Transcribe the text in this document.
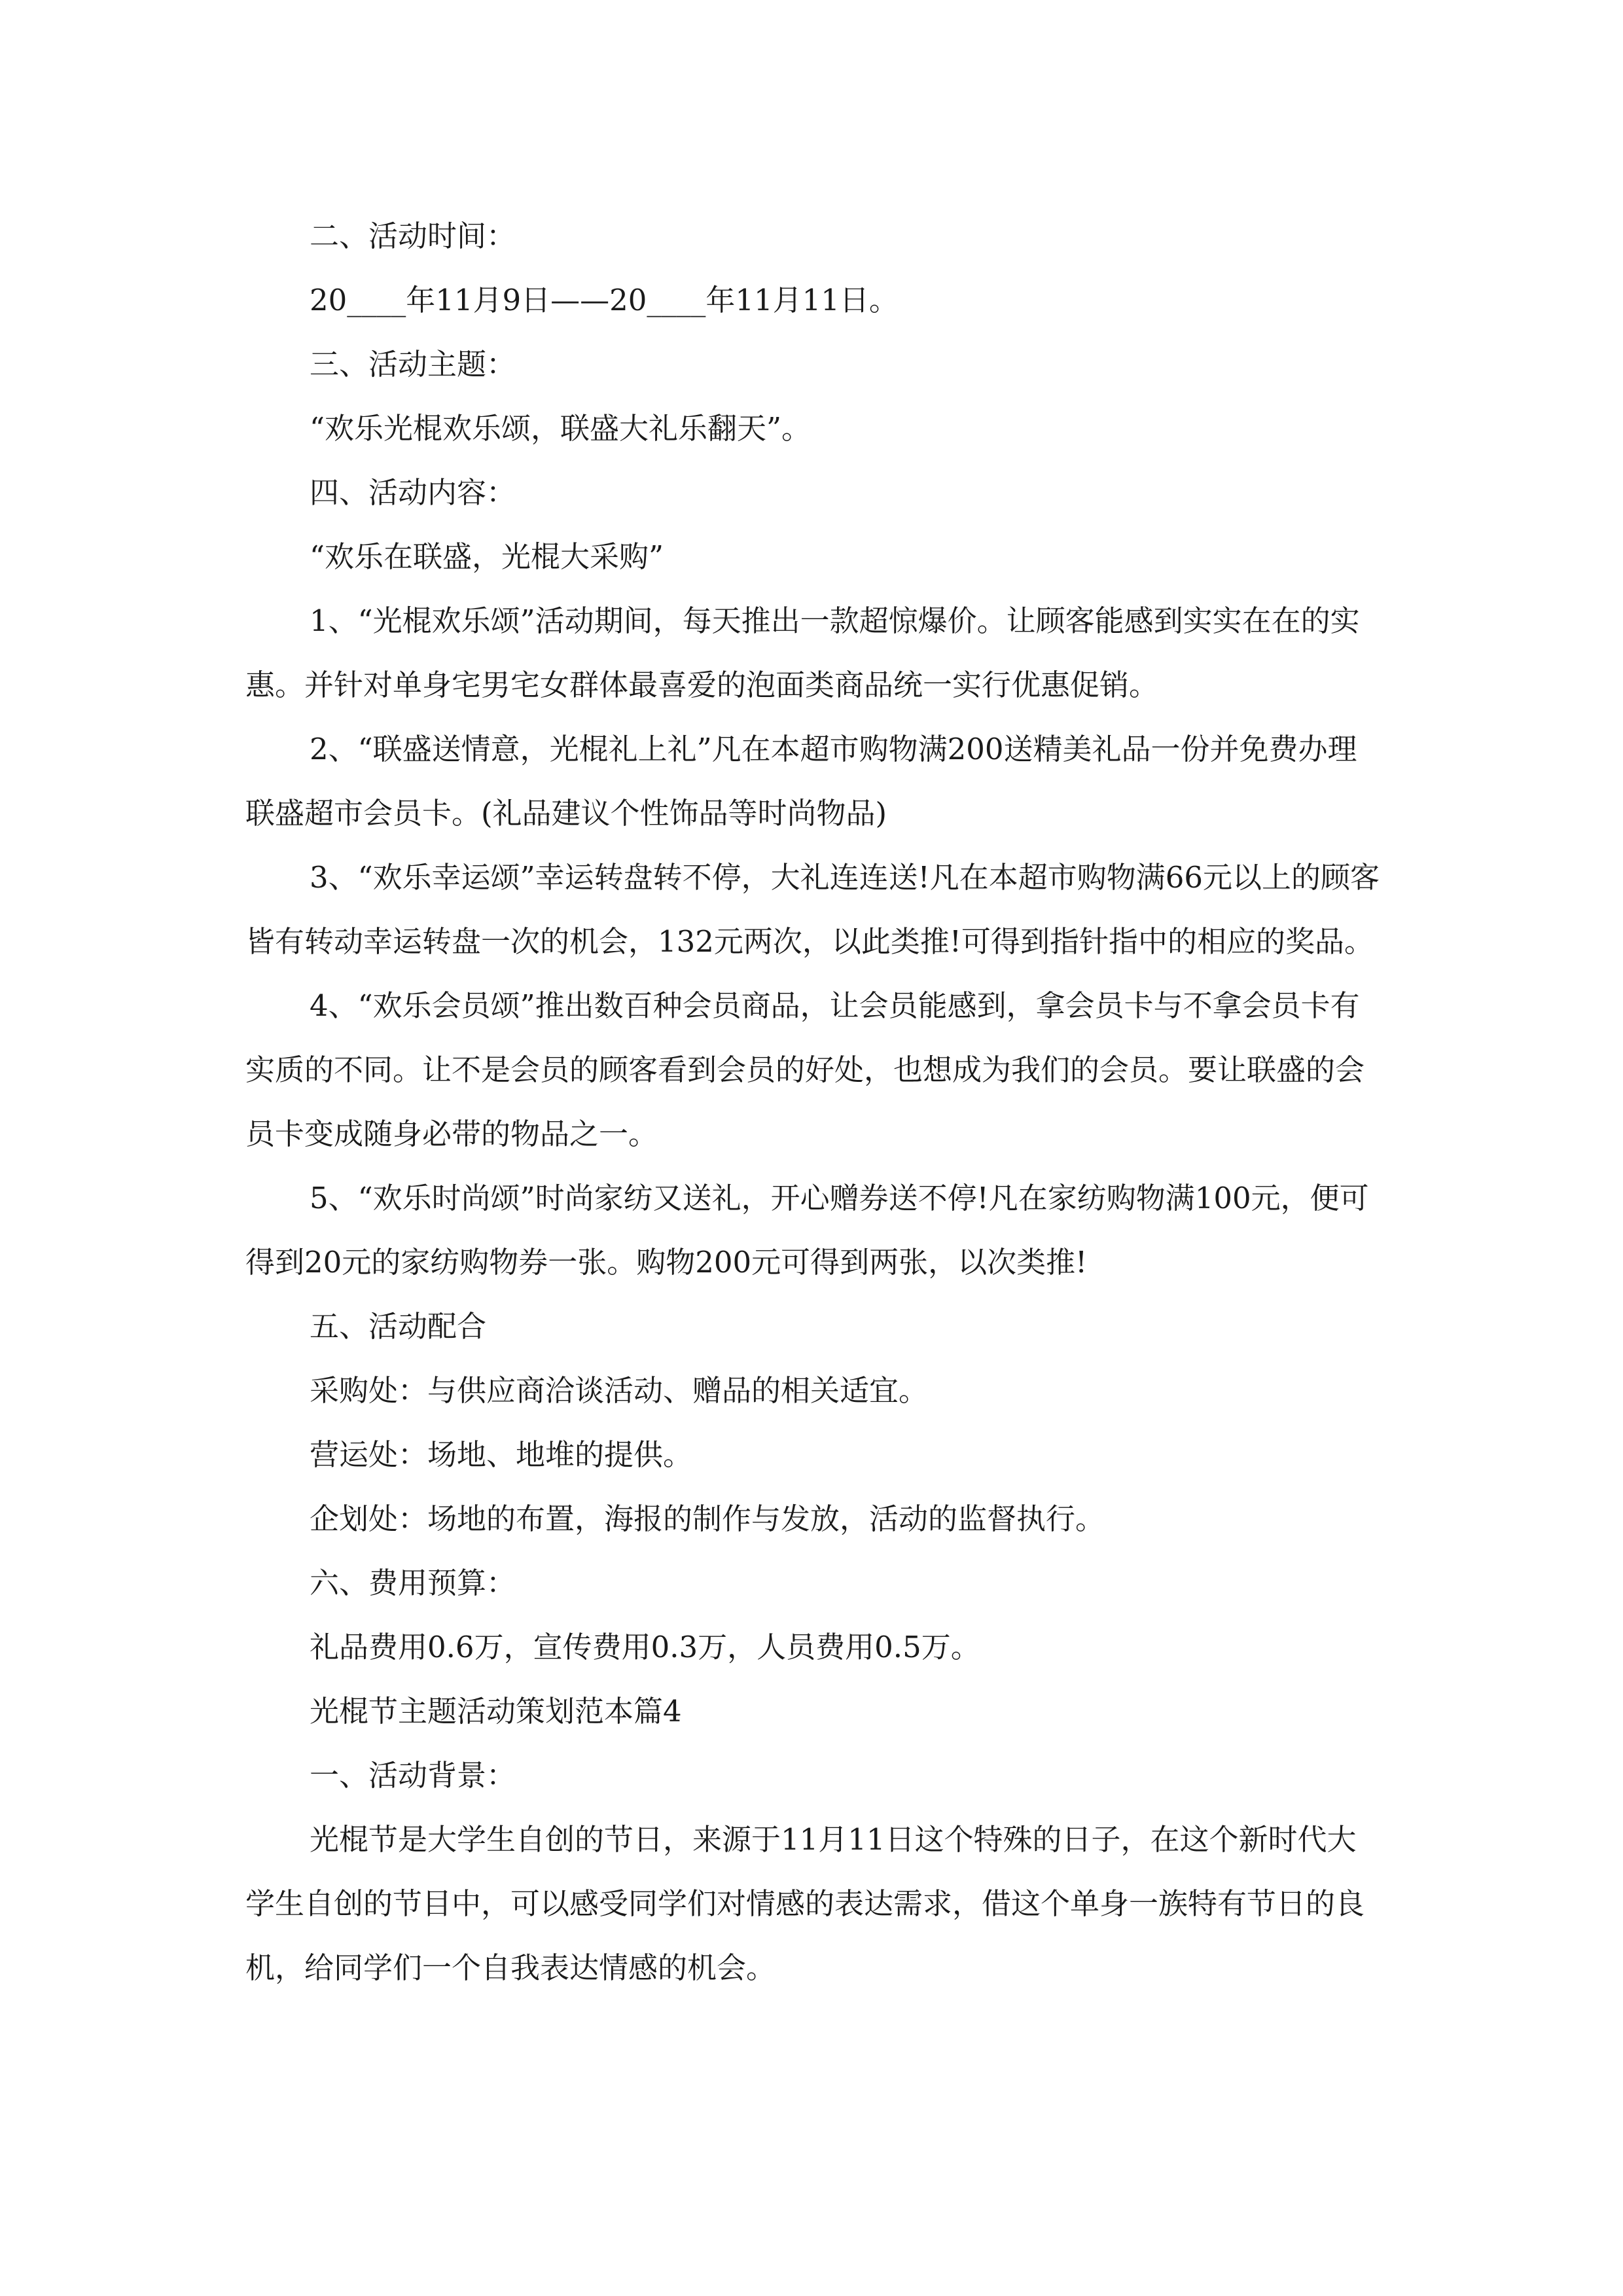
二、活动时间：

20____年11月9日——20____年11月11日。

三、活动主题：

“欢乐光棍欢乐颂，联盛大礼乐翻天”。

四、活动内容：

“欢乐在联盛，光棍大采购”

1、“光棍欢乐颂”活动期间，每天推出一款超惊爆价。让顾客能感到实实在在的实惠。并针对单身宅男宅女群体最喜爱的泡面类商品统一实行优惠促销。

2、“联盛送情意，光棍礼上礼”凡在本超市购物满200送精美礼品一份并免费办理联盛超市会员卡。(礼品建议个性饰品等时尚物品)

3、“欢乐幸运颂”幸运转盘转不停，大礼连连送!凡在本超市购物满66元以上的顾客皆有转动幸运转盘一次的机会，132元两次，以此类推!可得到指针指中的相应的奖品。

4、“欢乐会员颂”推出数百种会员商品，让会员能感到，拿会员卡与不拿会员卡有实质的不同。让不是会员的顾客看到会员的好处，也想成为我们的会员。要让联盛的会员卡变成随身必带的物品之一。

5、“欢乐时尚颂”时尚家纺又送礼，开心赠券送不停!凡在家纺购物满100元，便可得到20元的家纺购物券一张。购物200元可得到两张，以次类推!

五、活动配合

采购处：与供应商洽谈活动、赠品的相关适宜。

营运处：场地、地堆的提供。

企划处：场地的布置，海报的制作与发放，活动的监督执行。

六、费用预算：

礼品费用0.6万，宣传费用0.3万，人员费用0.5万。

光棍节主题活动策划范本篇4

一、活动背景：

光棍节是大学生自创的节日，来源于11月11日这个特殊的日子，在这个新时代大学生自创的节目中，可以感受同学们对情感的表达需求，借这个单身一族特有节日的良机，给同学们一个自我表达情感的机会。
